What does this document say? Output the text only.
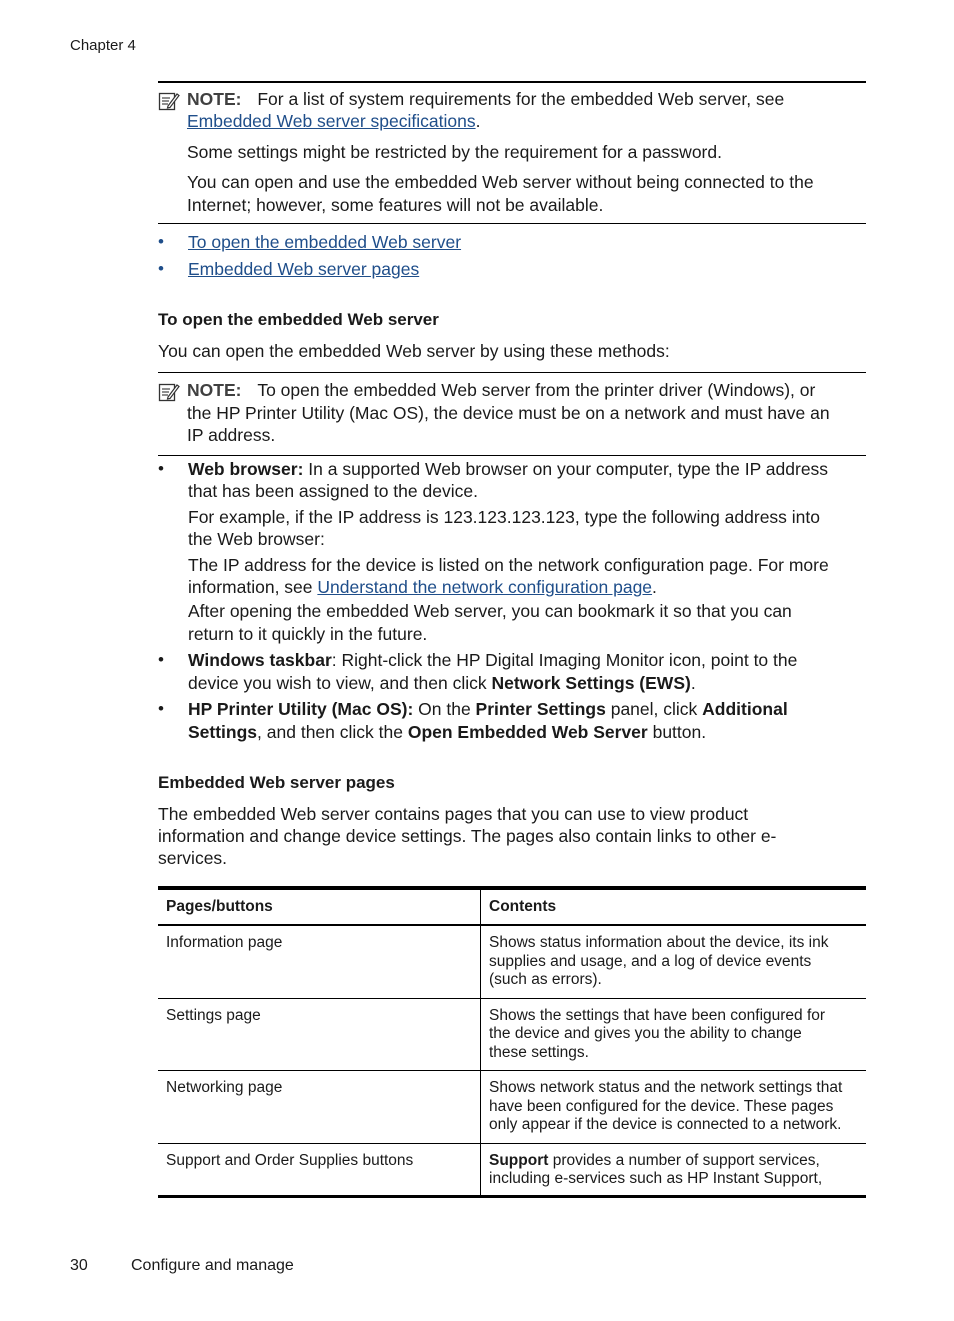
Chapter 4
NOTE: For a list of system requirements for the embedded Web server, see
Embedded Web server specifications.
Some settings might be restricted by the requirement for a password.
You can open and use the embedded Web server without being connected to the
Internet; however, some features will not be available.
• To open the embedded Web server
• Embedded Web server pages
To open the embedded Web server
You can open the embedded Web server by using these methods:
NOTE: To open the embedded Web server from the printer driver (Windows), or
the HP Printer Utility (Mac OS), the device must be on a network and must have an
IP address.
• Web browser: In a supported Web browser on your computer, type the IP address
that has been assigned to the device.
For example, if the IP address is 123.123.123.123, type the following address into
the Web browser:
The IP address for the device is listed on the network configuration page. For more
information, see Understand the network configuration page.
After opening the embedded Web server, you can bookmark it so that you can
return to it quickly in the future.
• Windows taskbar: Right-click the HP Digital Imaging Monitor icon, point to the
device you wish to view, and then click Network Settings (EWS).
• HP Printer Utility (Mac OS): On the Printer Settings panel, click Additional
Settings, and then click the Open Embedded Web Server button.
Embedded Web server pages
The embedded Web server contains pages that you can use to view product
information and change device settings. The pages also contain links to other e-
services.
Pages/buttons	Contents
Information page	Shows status information about the device, its ink
supplies and usage, and a log of device events
(such as errors).

Settings page	Shows the settings that have been configured for
the device and gives you the ability to change
these settings.

Networking page	Shows network status and the network settings that
have been configured for the device. These pages
only appear if the device is connected to a network.

Support and Order Supplies buttons	Support provides a number of support services,
including e-services such as HP Instant Support,
30	Configure and manage
